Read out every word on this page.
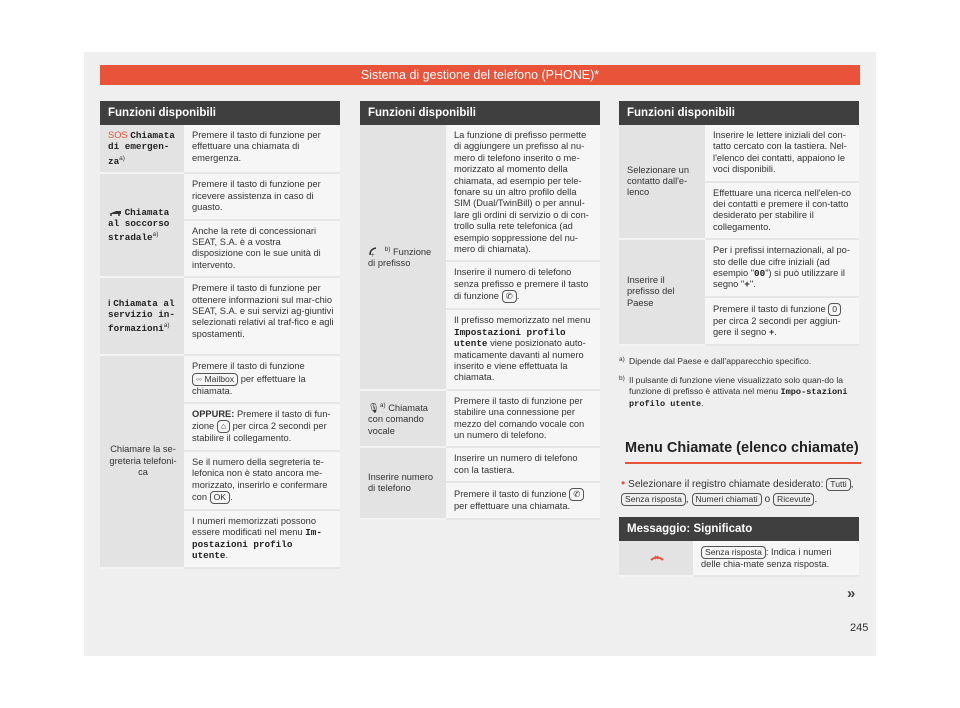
Sistema di gestione del telefono (PHONE)*
Funzioni disponibili
SOS Chiamata di emergen-$za^{a)}$	Premere il tasto di funzione per effettuare una chiamata di emergenza.
Chiamata al soccorso stradale$^{a)}$	Premere il tasto di funzione per ricevere assistenza in caso di guasto.
	Anche la rete di concessionari SEAT, S.A. è a vostra disposizione con le sue unità di intervento.
i Chiamata al servizio in-formazioni$^{a)}$	Premere il tasto di funzione per ottenere informazioni sul mar-chio SEAT, S.A. e sui servizi ag-giuntivi selezionati relativi al traf-fico e agli spostamenti.
Chiamare la se-greteria telefoni-ca	Premere il tasto di funzione ◦◦ Mailbox per effettuare la chiamata.
	OPPURE: Premere il tasto di fun-zione ⌂ per circa 2 secondi per stabilire il collegamento.
	Se il numero della segreteria te-lefonica non è stato ancora me-morizzato, inserirlo e confermare con OK .
	I numeri memorizzati possono essere modificati nel menu Im-postazioni profilo utente.
Funzioni disponibili
+
$^{b)}$ Funzione di prefisso	La funzione di prefisso permette di aggiungere un prefisso al nu-mero di telefono inserito o me-morizzato al momento della chiamata, ad esempio per tele-fonare su un altro profilo della SIM (Dual/TwinBill) o per annul-lare gli ordini di servizio o di con-trollo sulla rete telefonica (ad esempio soppressione del nu-mero di chiamata).
	Inserire il numero di telefono senza prefisso e premere il tasto di funzione ✆ .
	Il prefisso memorizzato nel menu Impostazioni profilo utente viene posizionato auto-maticamente davanti al numero inserito e viene effettuata la chiamata.
🎙$^{a)}$ Chiamata con comando vocale	Premere il tasto di funzione per stabilire una connessione per mezzo del comando vocale con un numero di telefono.
Inserire numero di telefono	Inserire un numero di telefono con la tastiera.
	Premere il tasto di funzione ✆ per effettuare una chiamata.
Funzioni disponibili
Selezionare un contatto dall'e-lenco	Inserire le lettere iniziali del con-tatto cercato con la tastiera. Nel-l'elenco dei contatti, appaiono le voci disponibili.
	Effettuare una ricerca nell'elen-co dei contatti e premere il con-tatto desiderato per stabilire il collegamento.
Inserire il prefisso del Paese	Per i prefissi internazionali, al po-sto delle due cifre iniziali (ad esempio "00") si può utilizzare il segno "+".
	Premere il tasto di funzione 0 per circa 2 secondi per aggiun-gere il segno +.

a) Dipende dal Paese e dall'apparecchio specifico.

b) Il pulsante di funzione viene visualizzato solo quan-do la funzione di prefisso è attivata nel menu Impo-stazioni profilo utente.

Menu Chiamate (elenco chiamate)
• Selezionare il registro chiamate desiderato: Tutti , Senza risposta , Numeri chiamati o Ricevute .
Messaggio: Significato
	Senza risposta : Indica i numeri delle chia-mate senza risposta.
»
245
